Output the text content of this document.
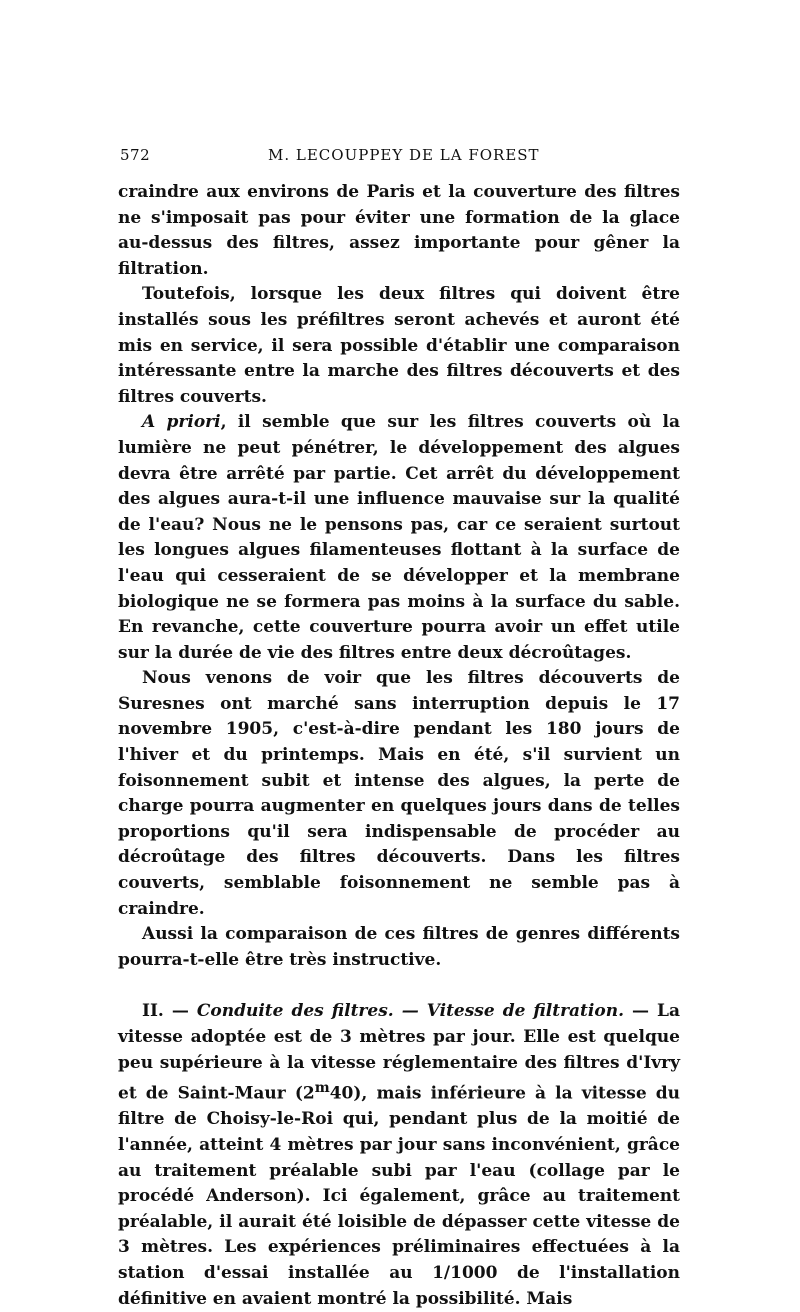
572	M. LECOUPPEY DE LA FOREST

craindre aux environs de Paris et la couverture des filtres ne s'imposait pas pour éviter une formation de la glace au-dessus des filtres, assez importante pour gêner la filtration.

Toutefois, lorsque les deux filtres qui doivent être installés sous les préfiltres seront achevés et auront été mis en service, il sera possible d'établir une comparaison intéressante entre la marche des filtres découverts et des filtres couverts.

A priori, il semble que sur les filtres couverts où la lumière ne peut pénétrer, le développement des algues devra être arrêté par partie. Cet arrêt du développement des algues aura-t-il une influence mauvaise sur la qualité de l'eau? Nous ne le pensons pas, car ce seraient surtout les longues algues filamenteuses flottant à la surface de l'eau qui cesseraient de se développer et la membrane biologique ne se formera pas moins à la surface du sable. En revanche, cette couverture pourra avoir un effet utile sur la durée de vie des filtres entre deux décroûtages.

Nous venons de voir que les filtres découverts de Suresnes ont marché sans interruption depuis le 17 novembre 1905, c'est-à-dire pendant les 180 jours de l'hiver et du printemps. Mais en été, s'il survient un foisonnement subit et intense des algues, la perte de charge pourra augmenter en quelques jours dans de telles proportions qu'il sera indispensable de procéder au décroûtage des filtres découverts. Dans les filtres couverts, semblable foisonnement ne semble pas à craindre.

Aussi la comparaison de ces filtres de genres différents pourra-t-elle être très instructive.

II. — Conduite des filtres. — Vitesse de filtration. — La vitesse adoptée est de 3 mètres par jour. Elle est quelque peu supérieure à la vitesse réglementaire des filtres d'Ivry et de Saint-Maur (2$^m$40), mais inférieure à la vitesse du filtre de Choisy-le-Roi qui, pendant plus de la moitié de l'année, atteint 4 mètres par jour sans inconvénient, grâce au traitement préalable subi par l'eau (collage par le procédé Anderson). Ici également, grâce au traitement préalable, il aurait été loisible de dépasser cette vitesse de 3 mètres. Les expériences préliminaires effectuées à la station d'essai installée au 1/1000 de l'installation définitive en avaient montré la possibilité. Mais
